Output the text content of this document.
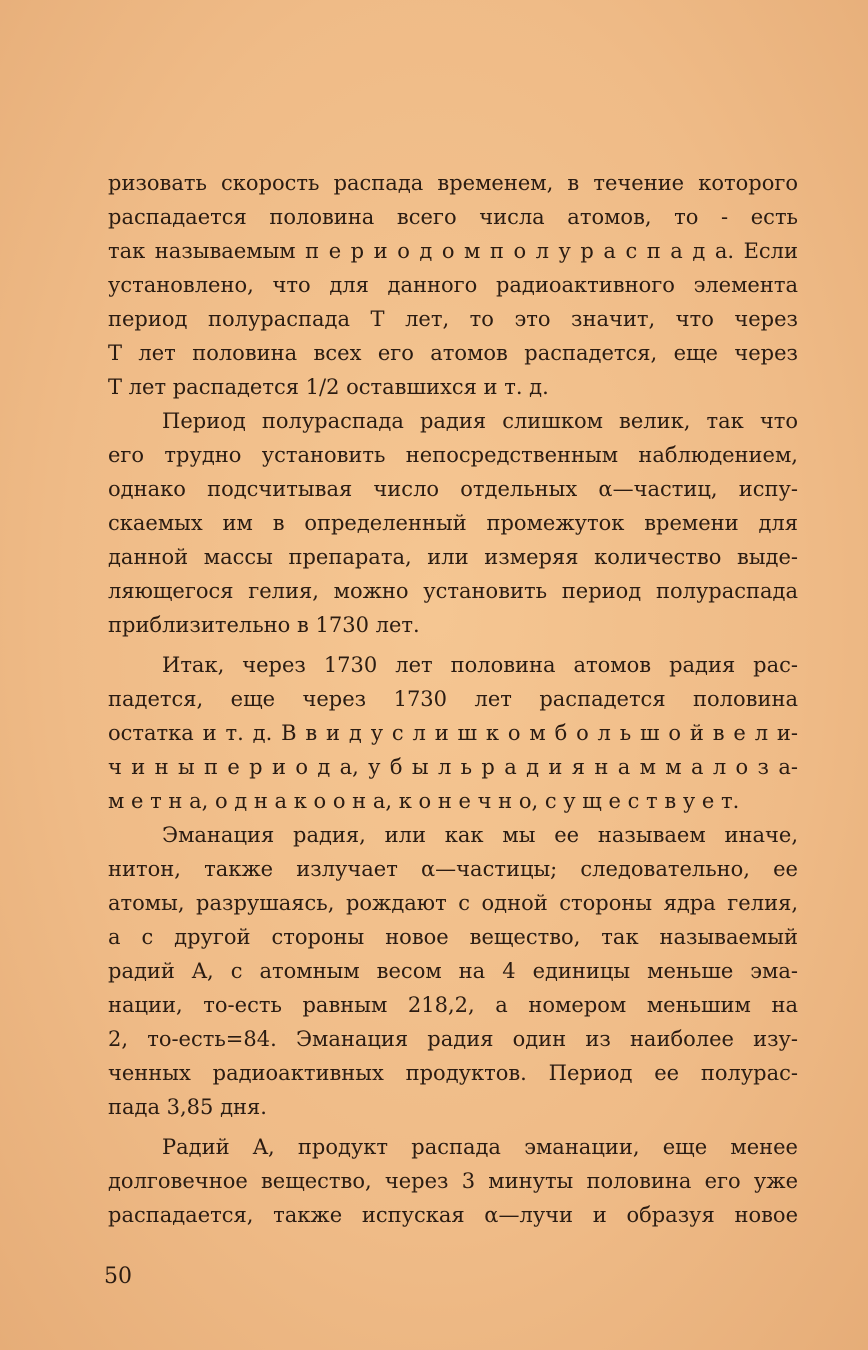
ризовать скорость распада временем, в течение которого
распадается половина всего числа атомов, то - есть
так называемым п е р и о д о м п о л у р а с п а д а. Если
установлено, что для данного радиоактивного элемента
период полураспада T лет, то это значит, что через
T лет половина всех его атомов распадется, еще через
T лет распадется 1/2 оставшихся и т. д.
Период полураспада радия слишком велик, так что
его трудно установить непосредственным наблюдением,
однако подсчитывая число отдельных α—частиц, испу-
скаемых им в определенный промежуток времени для
данной массы препарата, или измеряя количество выде-
ляющегося гелия, можно установить период полураспада
приблизительно в 1730 лет.
Итак, через 1730 лет половина атомов радия рас-
падется, еще через 1730 лет распадется половина
остатка и т. д. В в и д у с л и ш к о м б о л ь ш о й в е л и-
ч и н ы п е р и о д а, у б ы л ь р а д и я н а м м а л о з а-
м е т н а, о д н а к о о н а, к о н е ч н о, с у щ е с т в у е т.
Эманация радия, или как мы ее называем иначе,
нитон, также излучает α—частицы; следовательно, ее
атомы, разрушаясь, рождают с одной стороны ядра гелия,
а с другой стороны новое вещество, так называемый
радий A, с атомным весом на 4 единицы меньше эма-
нации, то-есть равным 218,2, а номером меньшим на
2, то-есть=84. Эманация радия один из наиболее изу-
ченных радиоактивных продуктов. Период ее полурас-
пада 3,85 дня.
Радий A, продукт распада эманации, еще менее
долговечное вещество, через 3 минуты половина его уже
распадается, также испуская α—лучи и образуя новое
50
